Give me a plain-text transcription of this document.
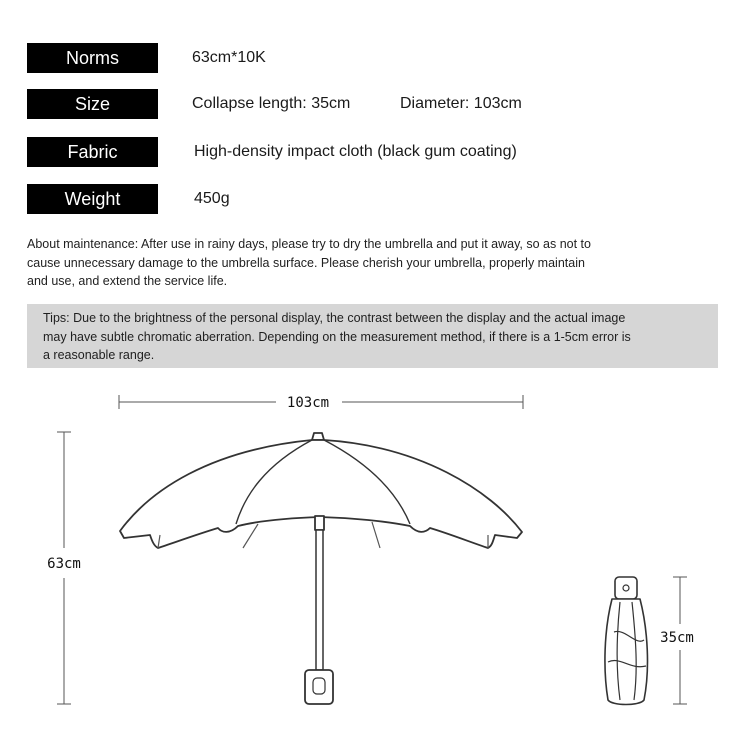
Norms	63cm*10K
Size	Collapse length: 35cm	Diameter: 103cm
Fabric	High-density impact cloth (black gum coating)
Weight	450g
About maintenance: After use in rainy days, please try to dry the umbrella and put it away, so as not to
cause unnecessary damage to the umbrella surface. Please cherish your umbrella, properly maintain
and use, and extend the service life.
Tips: Due to the brightness of the personal display, the contrast between the display and the actual image
may have subtle chromatic aberration. Depending on the measurement method, if there is a 1-5cm error is
a reasonable range.
103cm
63cm
35cm
